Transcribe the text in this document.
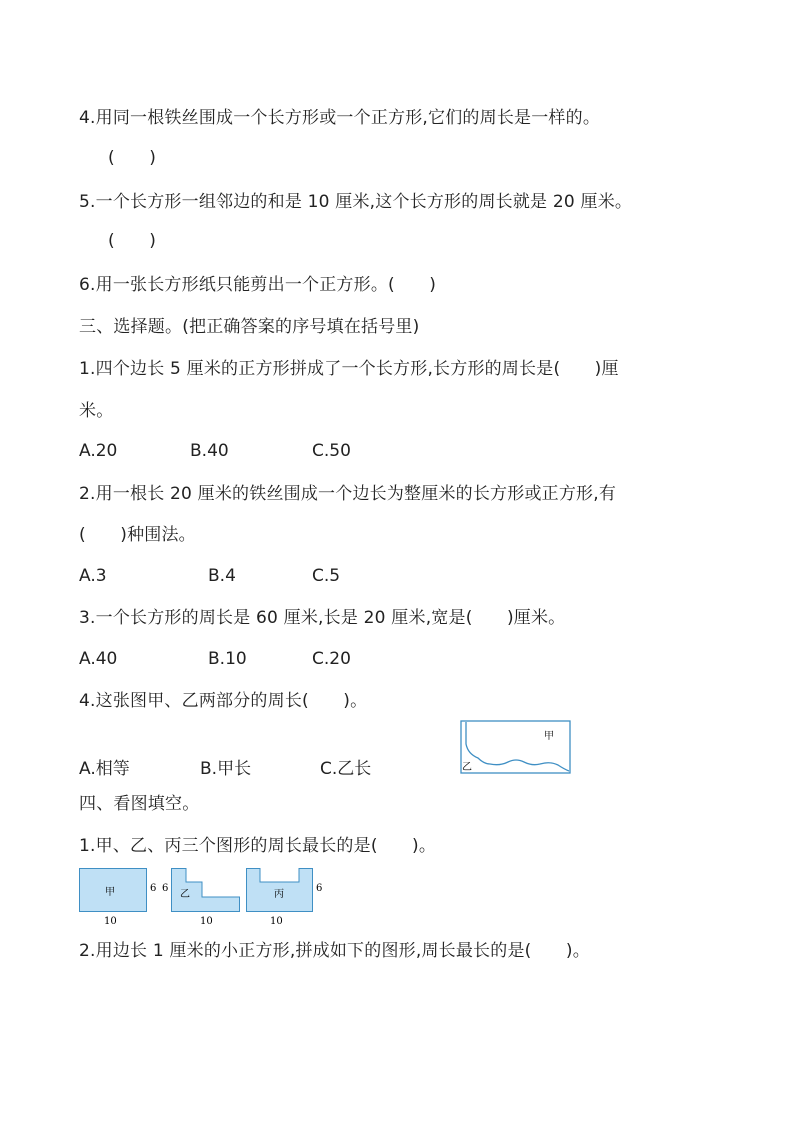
4.用同一根铁丝围成一个长方形或一个正方形,它们的周长是一样的。
(　　)
5.一个长方形一组邻边的和是 10 厘米,这个长方形的周长就是 20 厘米。
(　　)
6.用一张长方形纸只能剪出一个正方形。(　　)
三、选择题。(把正确答案的序号填在括号里)
1.四个边长 5 厘米的正方形拼成了一个长方形,长方形的周长是(　　)厘
米。
A.20	B.40	C.50
2.用一根长 20 厘米的铁丝围成一个边长为整厘米的长方形或正方形,有
(　　)种围法。
A.3	B.4	C.5
3.一个长方形的周长是 60 厘米,长是 20 厘米,宽是(　　)厘米。
A.40	B.10	C.20
4.这张图甲、乙两部分的周长(　　)。
A.相等	B.甲长	C.乙长
甲
乙
四、看图填空。
1.甲、乙、丙三个图形的周长最长的是(　　)。
甲	6
10
6
乙
10
丙
6
10
2.用边长 1 厘米的小正方形,拼成如下的图形,周长最长的是(　　)。
